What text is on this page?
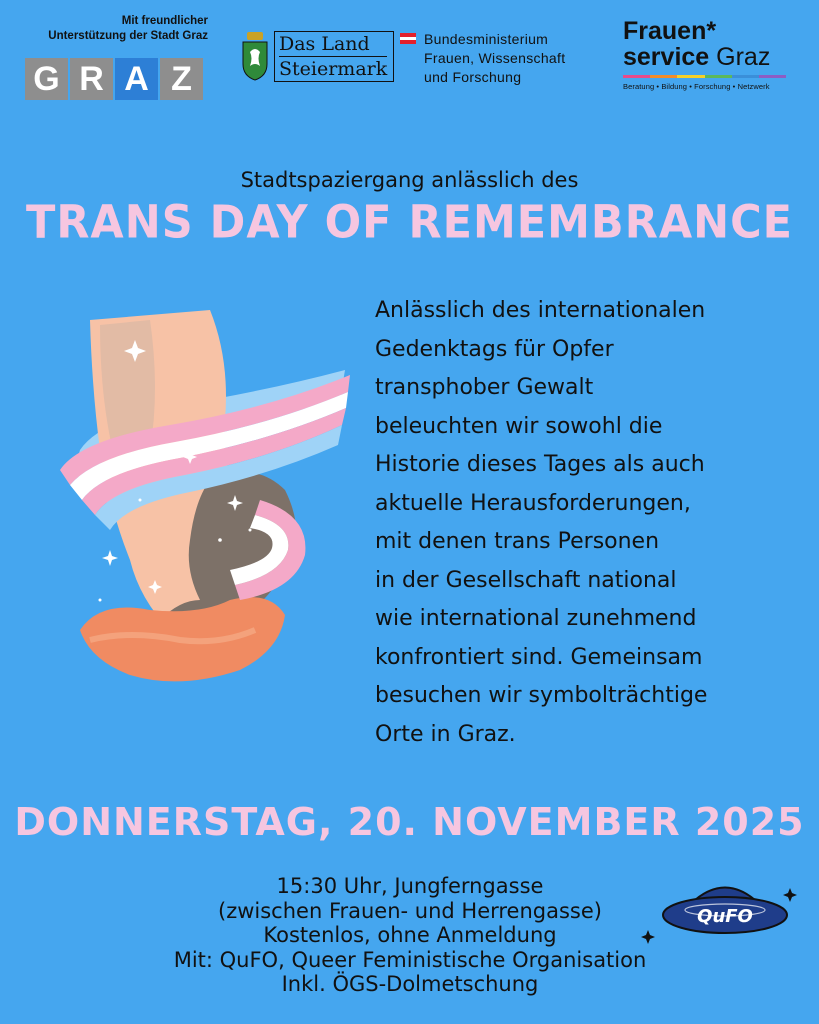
Mit freundlicher
Unterstützung der Stadt Graz
G R A Z
Das Land
Steiermark
Bundesministerium
Frauen, Wissenschaft
und Forschung
Frauen*
service Graz
Beratung • Bildung • Forschung • Netzwerk
Stadtspaziergang anlässlich des
TRANS DAY OF REMEMBRANCE
Anlässlich des internationalen
Gedenktags für Opfer
transphober Gewalt
beleuchten wir sowohl die
Historie dieses Tages als auch
aktuelle Herausforderungen,
mit denen trans Personen
in der Gesellschaft national
wie international zunehmend
konfrontiert sind. Gemeinsam
besuchen wir symbolträchtige
Orte in Graz.
DONNERSTAG, 20. NOVEMBER 2025
15:30 Uhr, Jungferngasse
(zwischen Frauen- und Herrengasse)
Kostenlos, ohne Anmeldung
Mit: QuFO, Queer Feministische Organisation
Inkl. ÖGS-Dolmetschung
QuFO
